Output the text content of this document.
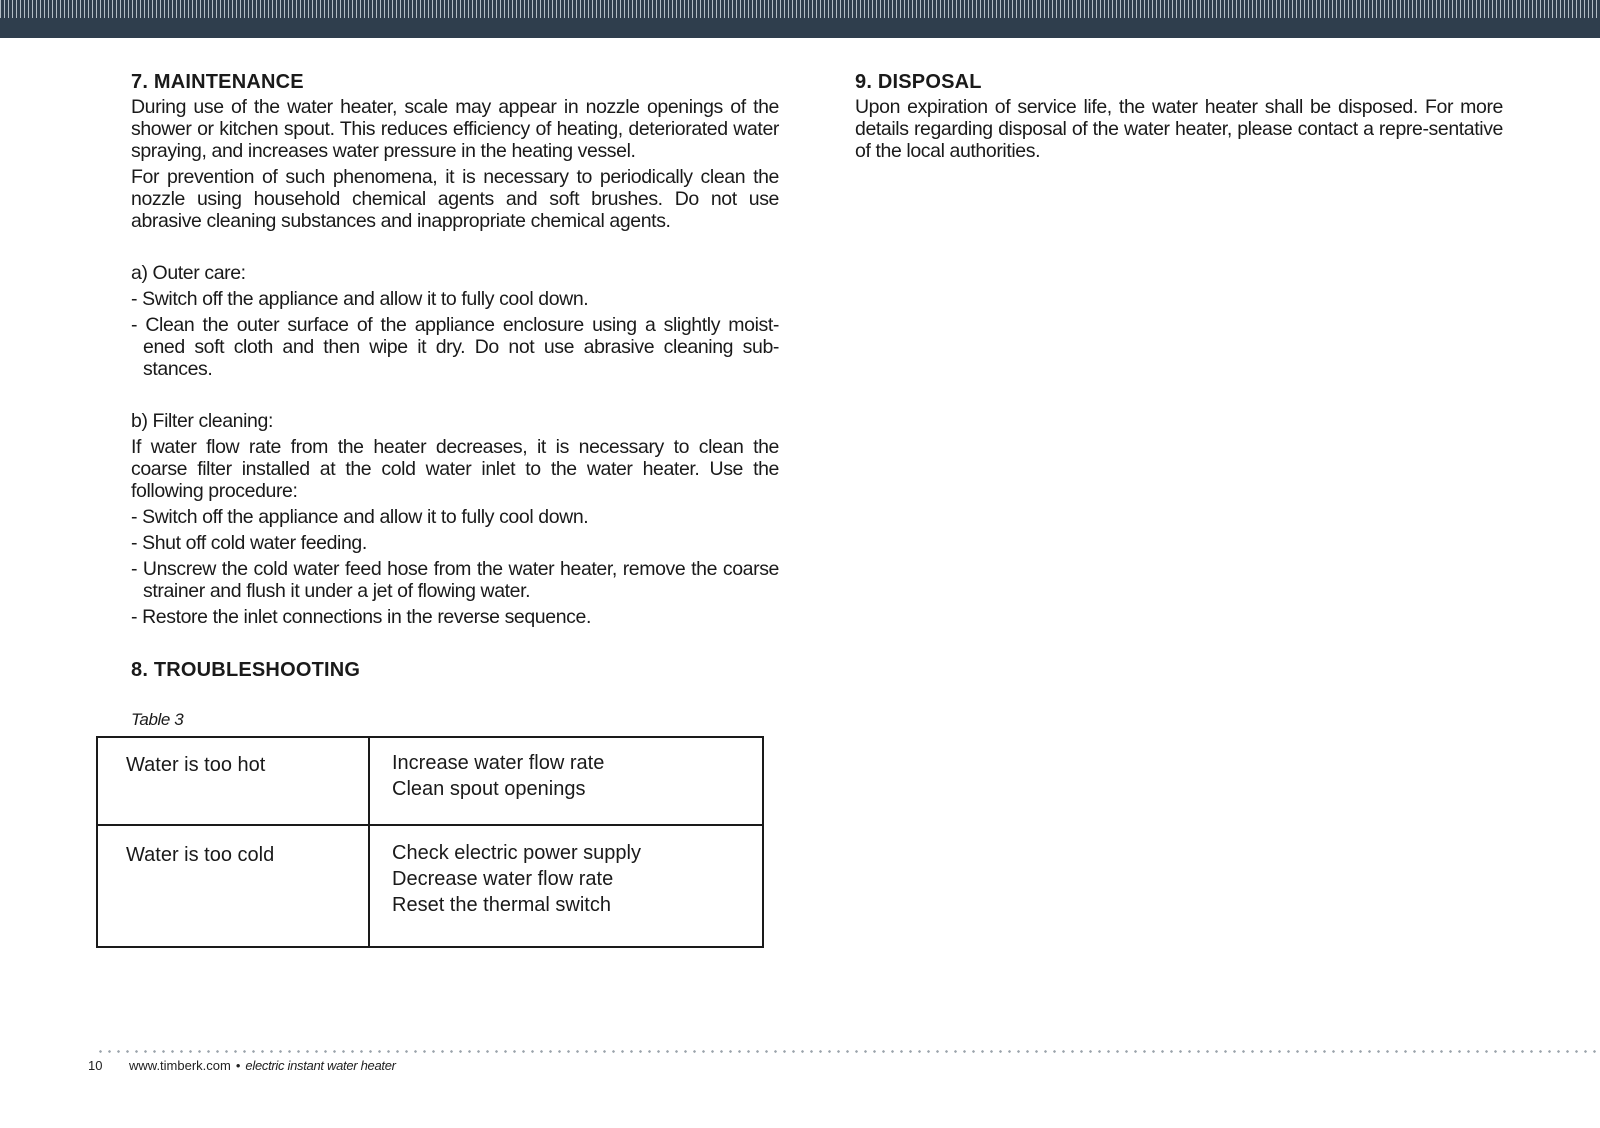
7. MAINTENANCE
During use of the water heater, scale may appear in nozzle openings of the shower or kitchen spout. This reduces efficiency of heating, deteriorated water spraying, and increases water pressure in the heating vessel.
For prevention of such phenomena, it is necessary to periodically clean the nozzle using household chemical agents and soft brushes. Do not use abrasive cleaning substances and inappropriate chemical agents.
a) Outer care:
- Switch off the appliance and allow it to fully cool down.
- Clean the outer surface of the appliance enclosure using a slightly moist-ened soft cloth and then wipe it dry. Do not use abrasive cleaning sub-stances.
b) Filter cleaning:
If water flow rate from the heater decreases, it is necessary to clean the coarse filter installed at the cold water inlet to the water heater. Use the following procedure:
- Switch off the appliance and allow it to fully cool down.
- Shut off cold water feeding.
- Unscrew the cold water feed hose from the water heater, remove the coarse strainer and flush it under a jet of flowing water.
- Restore the inlet connections in the reverse sequence.
8. TROUBLESHOOTING
Table 3
Water is too hot	Increase water flow rate
Clean spout openings

Water is too cold	Check electric power supply
Decrease water flow rate
Reset the thermal switch
9. DISPOSAL
Upon expiration of service life, the water heater shall be disposed. For more details regarding disposal of the water heater, please contact a repre-sentative of the local authorities.
10 www.timberk.com • electric instant water heater
